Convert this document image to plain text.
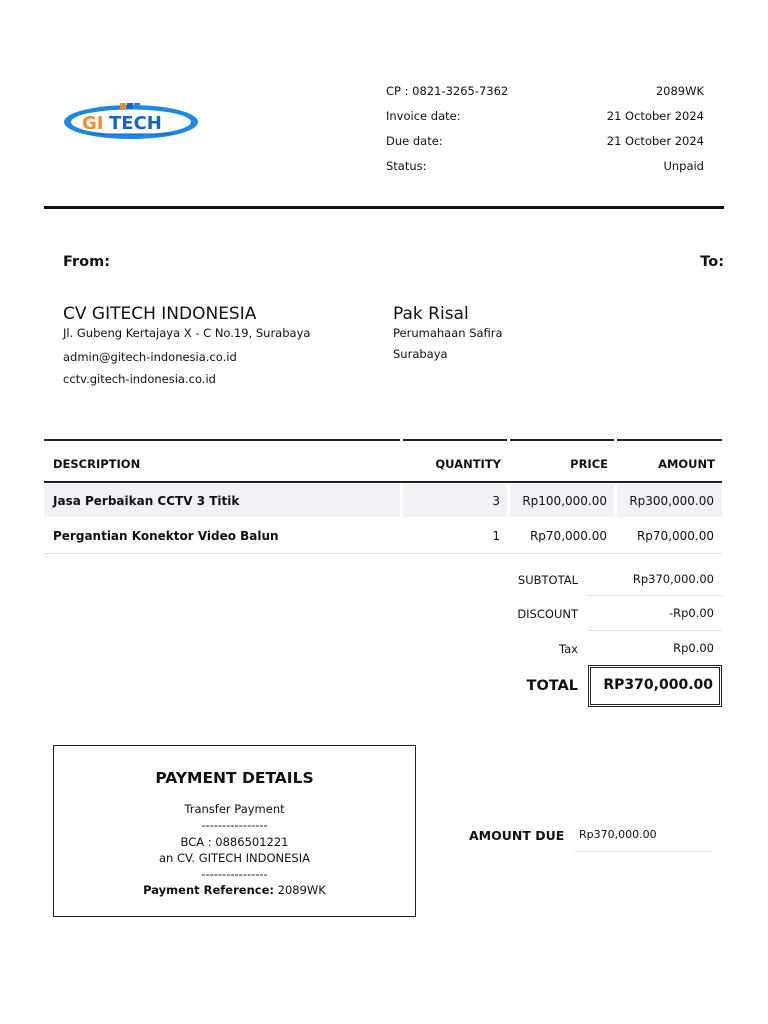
GI TECH
CP : 0821-3265-7362	2089WK
Invoice date:	21 October 2024
Due date:	21 October 2024
Status:	Unpaid
From:	To:
CV GITECH INDONESIA
Jl. Gubeng Kertajaya X - C No.19, Surabaya
admin@gitech-indonesia.co.id
cctv.gitech-indonesia.co.id
Pak Risal
Perumahaan Safira
Surabaya
DESCRIPTION	QUANTITY	PRICE	AMOUNT
Jasa Perbaikan CCTV 3 Titik	3 Rp100,000.00 Rp300,000.00
Pergantian Konektor Video Balun	1 Rp70,000.00 Rp70,000.00
SUBTOTAL	Rp370,000.00
DISCOUNT	-Rp0.00
Tax	Rp0.00
TOTAL RP370,000.00
PAYMENT DETAILS
Transfer Payment
----------------
BCA : 0886501221
an CV. GITECH INDONESIA
----------------
Payment Reference: 2089WK
AMOUNT DUE Rp370,000.00
